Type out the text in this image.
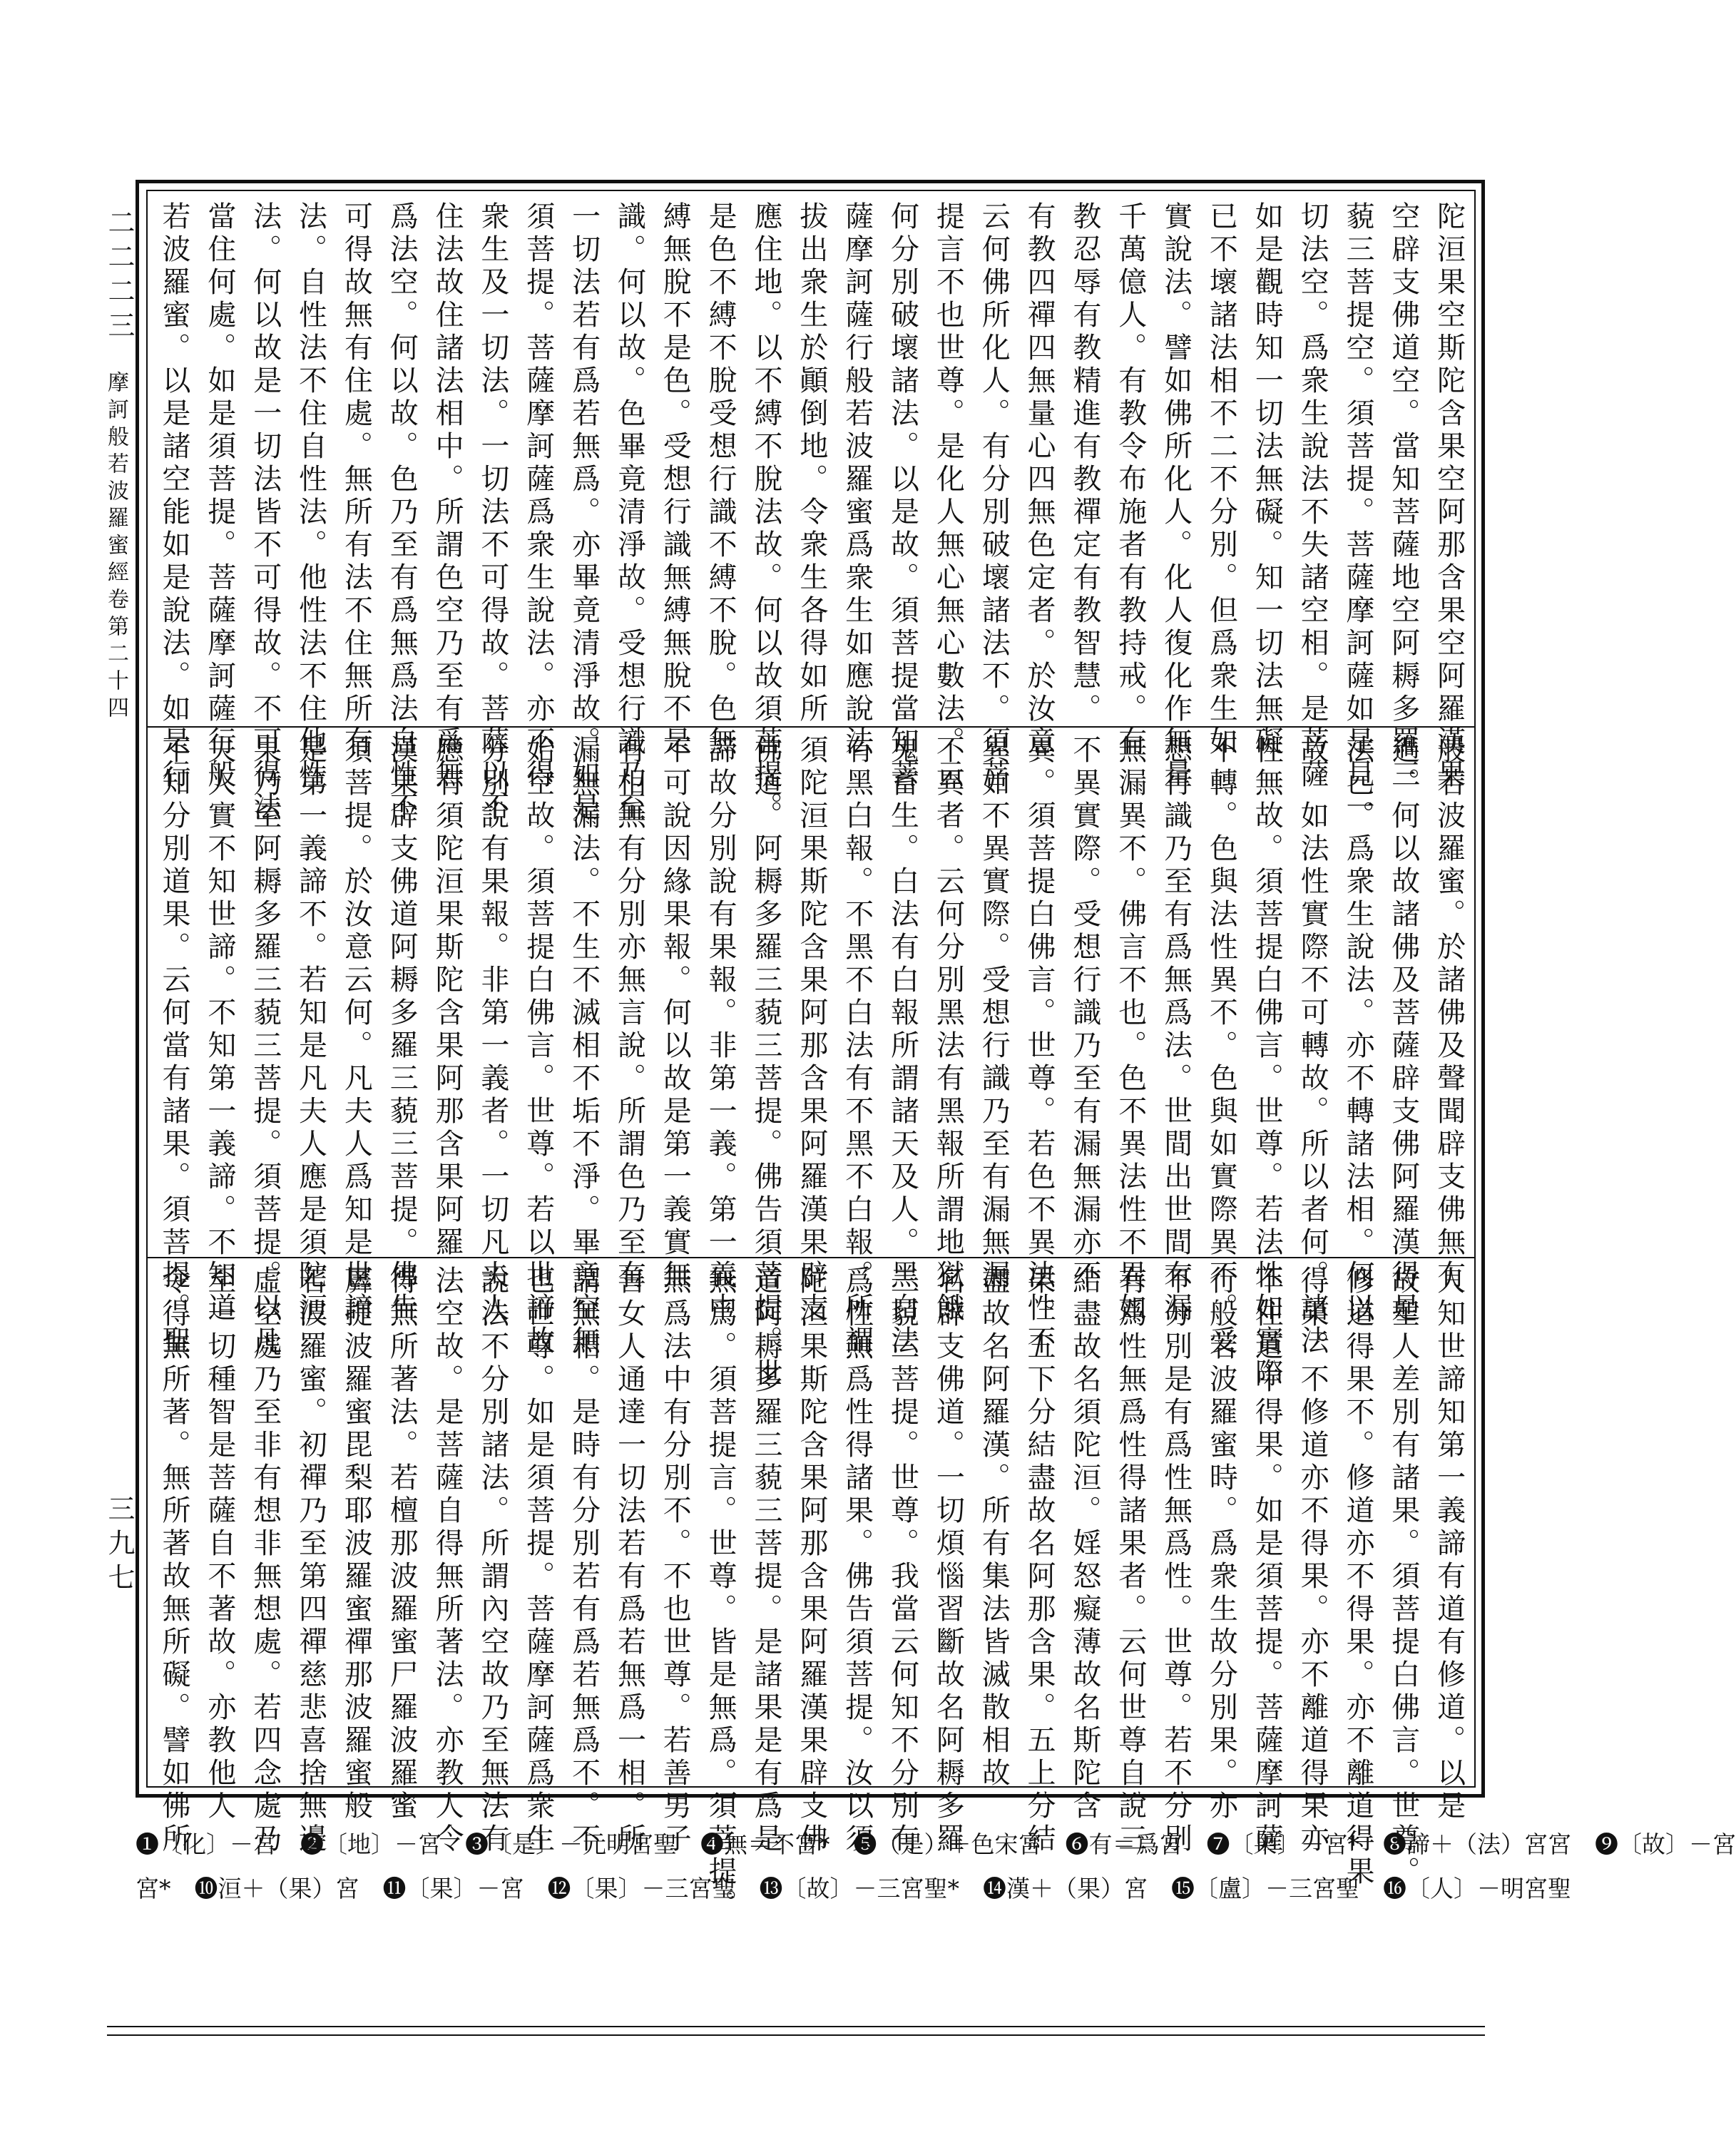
二二二三
摩訶般若波羅蜜經卷第二十四
三九七
陀洹果空斯陀含果空阿那含果空阿羅漢果
空辟支佛道空。當知菩薩地空阿耨多羅三
藐三菩提空。須菩提。菩薩摩訶薩如是見一
切法空。爲衆生說法不失諸空相。是菩薩
如是觀時知一切法無礙。知一切法無礙
已不壞諸法相不二不分別。但爲衆生如
實說法。譬如佛所化人。化人復化作無量
千萬億人。有教令布施者有教持戒。有
教忍辱有教精進有教禪定有教智慧。
有教四禪四無量心四無色定者。於汝意
云何佛所化人。有分別破壞諸法不。須菩
提言不也世尊。是化人無心無心數法。云
何分別破壞諸法。以是故。須菩提當知菩
薩摩訶薩行般若波羅蜜爲衆生如應說法
拔出衆生於顚倒地。令衆生各得如所
應住地。以不縛不脫法故。何以故須菩提。
是色不縛不脫受想行識不縛不脫。色無
縛無脫不是色。受想行識無縛無脫不是
識。何以故。色畢竟清淨故。受想行識乃至
一切法若有爲若無爲。亦畢竟清淨故。如是
須菩提。菩薩摩訶薩爲衆生說法。亦不得
衆生及一切法。一切法不可得故。菩薩以不
住法故住諸法相中。所謂色空乃至有爲無
爲法空。何以故。色乃至有爲無爲法自性不
可得故無有住處。無所有法不住無所有
法。自性法不住自性法。他性法不住他性
法。何以故是一切法皆不可得故。不可得法
當住何處。如是須菩提。菩薩摩訶薩行般
若波羅蜜。以是諸空能如是說法。如是行
般若波羅蜜。於諸佛及聲聞辟支佛無有
過。何以故諸佛及菩薩辟支佛阿羅漢得是
法已。爲衆生說法。亦不轉諸法相。何以
故。如法性實際不可轉故。所以者何。諸法
性無故。須菩提白佛言。世尊。若法性如實際
不轉。色與法性異不。色與如實際異不。受
想行識乃至有爲無爲法。世間出世間有漏
無漏異不。佛言不也。色不異法性不異如
不異實際。受想行識乃至有漏無漏亦不
異。須菩提白佛言。世尊。若色不異法性不
異如不異實際。受想行識乃至有漏無漏
不異者。云何分別黑法有黑報所謂地獄餓
鬼畜生。白法有白報所謂諸天及人。黑白法
有黑白報。不黑不白法有不黑不白報。所謂
須陀洹果斯陀含果阿那含果阿羅漢果辟支
佛道。阿耨多羅三藐三菩提。佛告須菩提。世
諦故分別說有果報。非第一義。第一義中
不可說因緣果報。何以故是第一義實無
有相無有分別亦無言說。所謂色乃至有
漏無漏法。不生不滅相不垢不淨。畢竟空無
始空故。須菩提白佛言。世尊。若以世諦故
分別說有果報。非第一義者。一切凡夫人
應有須陀洹果斯陀含果阿那含果阿羅
漢果辟支佛道阿耨多羅三藐三菩提。佛告
須菩提。於汝意云何。凡夫人爲知是世諦
是第一義諦不。若知是凡夫人應是須陀洹
果乃至阿耨多羅三藐三菩提。須菩提。以凡
夫人實不知世諦。不知第一義諦。不知道
不知分別道果。云何當有諸果。須菩提。聖
人知世諦知第一義諦有道有修道。以是
故聖人差別有諸果。須菩提白佛言。世尊。
修道得果不。修道亦不得果。亦不離道得果
得果。不修道亦不得果。亦不離道得果亦
不住道中得果。如是須菩提。菩薩摩訶薩
行般若波羅蜜時。爲衆生故分別果。亦
不分別是有爲性無爲性。世尊。若不分別
有爲性無爲性得諸果者。云何世尊自說三
結盡故名須陀洹。婬怒癡薄故名斯陀含
果。五下分結盡故名阿那含果。五上分結
盡故名阿羅漢。所有集法皆滅散相故
名辟支佛道。一切煩惱習斷故名阿耨多羅
三藐三菩提。世尊。我當云何知不分別有
爲性無爲性得諸果。佛告須菩提。汝以須
陀洹果斯陀含果阿那含果阿羅漢果辟支佛
道阿耨多羅三藐三菩提。是諸果是有爲是
無爲。須菩提言。世尊。皆是無爲。須菩提。
無爲法中有分別不。不也世尊。若善男子
善女人通達一切法若有爲若無爲一相。所
謂無相。是時有分別若有爲若無爲不。不
也世尊。如是須菩提。菩薩摩訶薩爲衆生
說法不分別諸法。所謂內空故乃至無法有
法空故。是菩薩自得無所著法。亦教人令
得無所著法。若檀那波羅蜜尸羅波羅蜜
羼提波羅蜜毘梨耶波羅蜜禪那波羅蜜般
若波羅蜜。初禪乃至第四禪慈悲喜捨無邊
虛空處乃至非有想非無想處。若四念處乃
至一切種智是菩薩自不著故。亦教他人
令得無所著。無所著故無所礙。譬如佛所
❶〔化〕－宮　❷〔地〕－宮　❸〔是〕－元明宮聖　❹無＝不宮*　❺（是）＋色宋宮　❻有＝爲宮　❼〔果〕－宮*　❽諦＋（法）宮宮　❾〔故〕－宮
宮*　❿洹＋（果）宮　⓫〔果〕－宮　⓬〔果〕－三宮聖　⓭〔故〕－三宮聖*　⓮漢＋（果）宮　⓯〔盧〕－三宮聖　⓰〔人〕－明宮聖
